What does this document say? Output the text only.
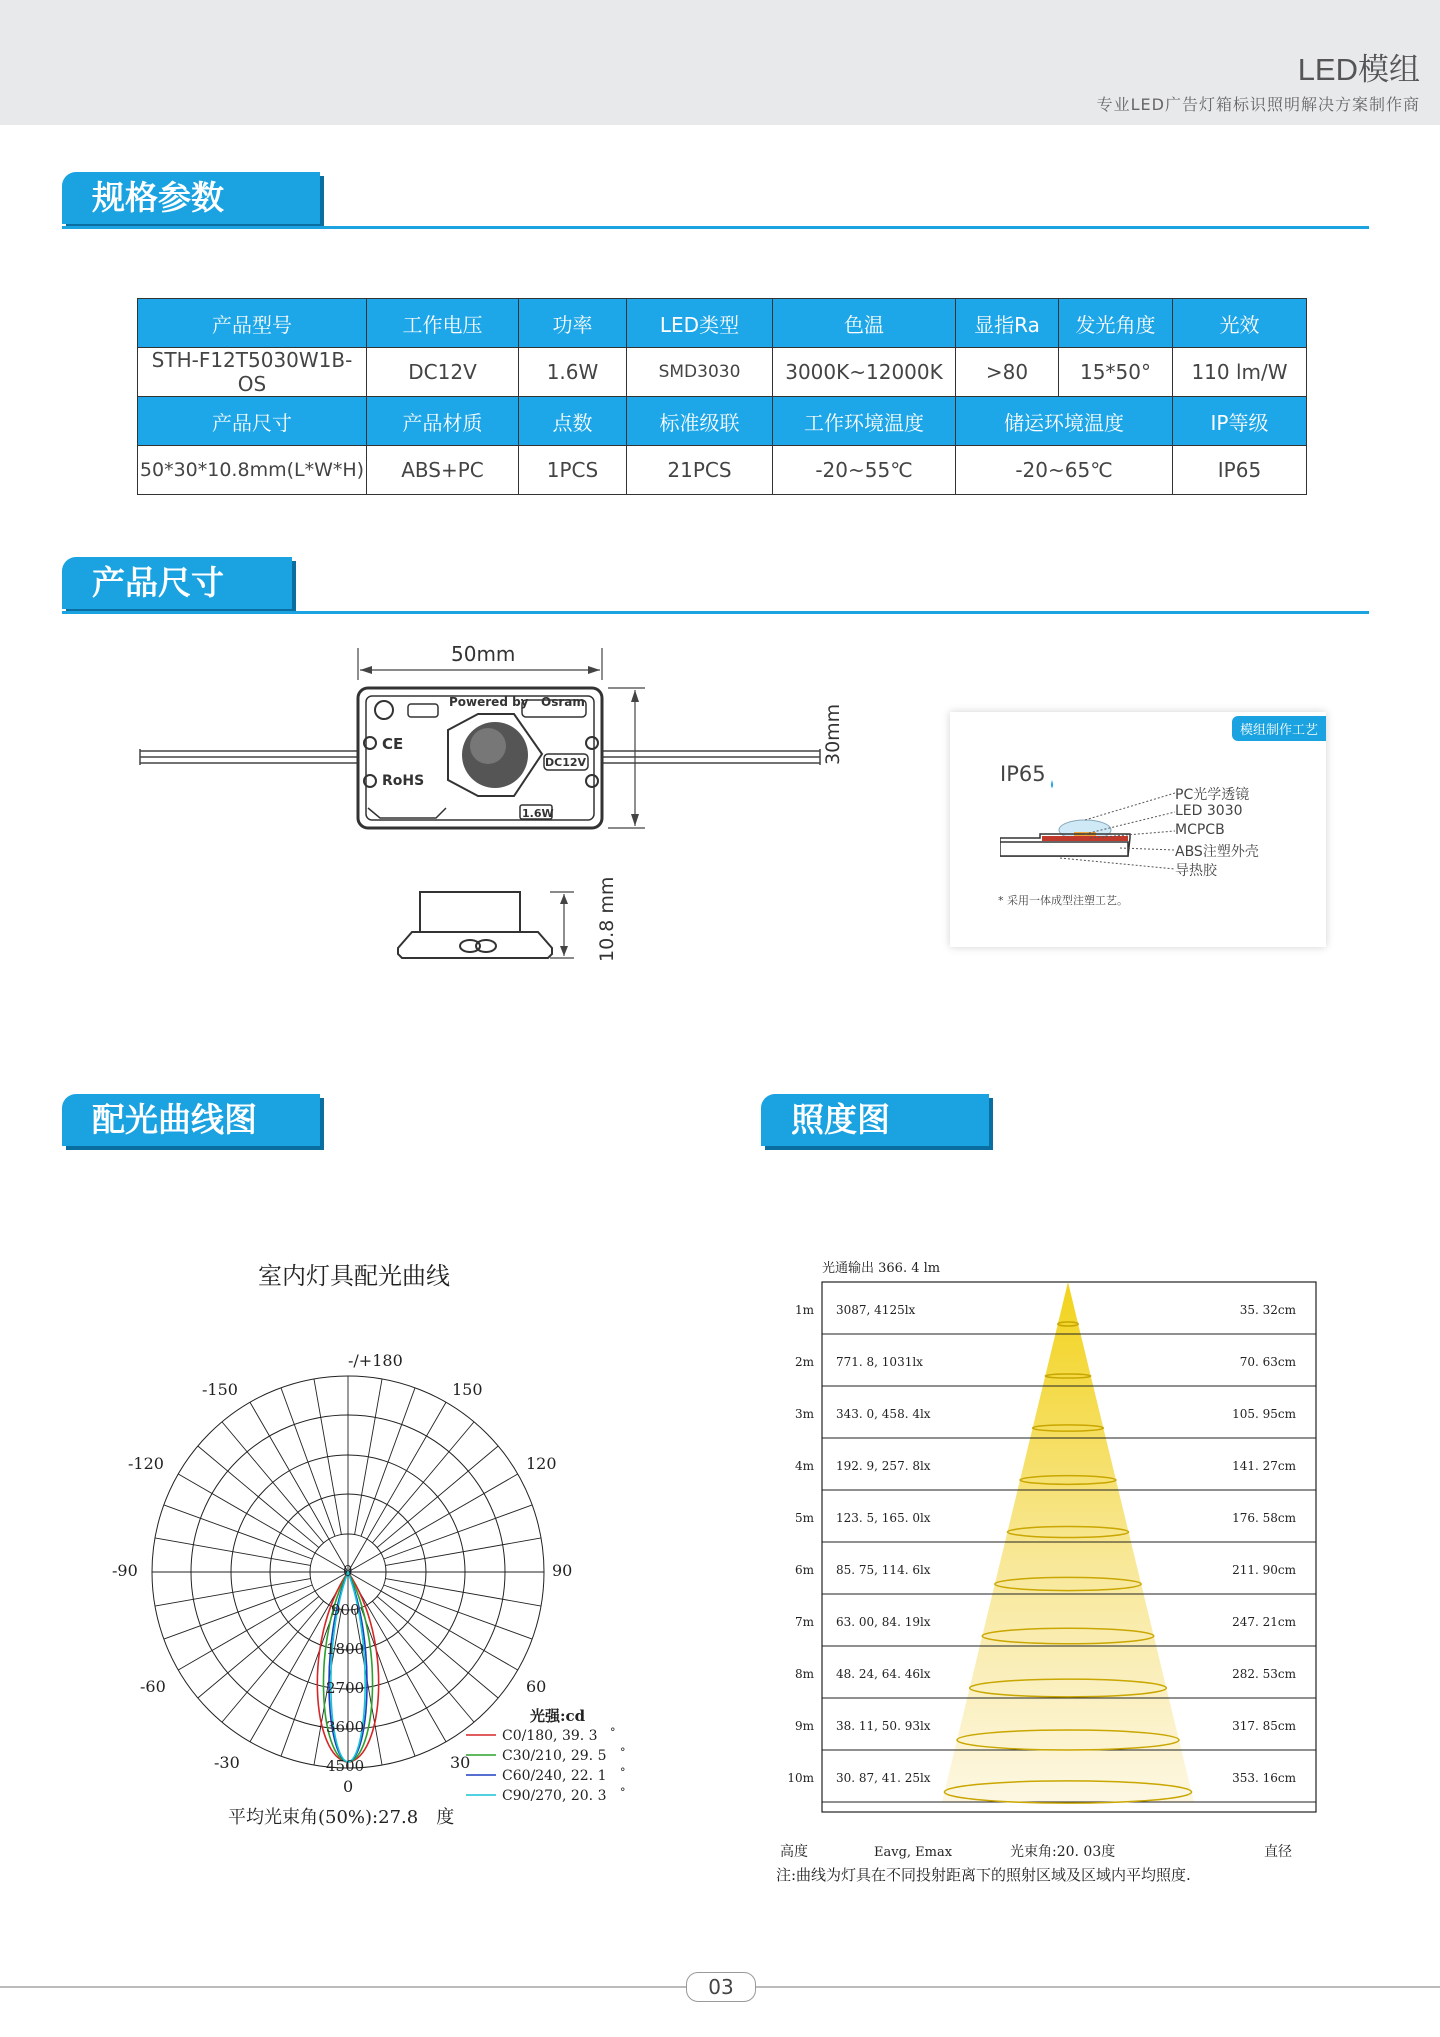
LED模组
专业LED广告灯箱标识照明解决方案制作商
规格参数
产品型号	工作电压	功率	LED类型	色温	显指Ra	发光角度	光效
STH-F12T5030W1B-OS	DC12V	1.6W	SMD3030	3000K~12000K	>80	15*50°	110 lm/W
产品尺寸	产品材质	点数	标准级联	工作环境温度	储运环境温度		IP等级
50*30*10.8mm(L*W*H)	ABS+PC	1PCS	21PCS	-20~55℃	-20~65℃		IP65
产品尺寸
50mm
30mm
10.8 mm
Powered by Osram
CE
RoHS
DC12V
1.6W
模组制作工艺
IP65
PC光学透镜
LED 3030
MCPCB
ABS注塑外壳
导热胶
* 采用一体成型注塑工艺。
配光曲线图	照度图
室内灯具配光曲线
-/+180
-150	150
-120	120
-90	90
-60	60
-30	30
0
0
900
1800
2700
3600
4500
光强:cd
C0/180, 39. 3 °
C30/210, 29. 5 °
C60/240, 22. 1 °
C90/270, 20. 3 °
平均光束角(50%):27.8　度
光通输出 366. 4 lm
1m 3087, 4125lx	35. 32cm
2m 771. 8, 1031lx	70. 63cm
3m 343. 0, 458. 4lx	105. 95cm
4m 192. 9, 257. 8lx	141. 27cm
5m 123. 5, 165. 0lx	176. 58cm
6m 85. 75, 114. 6lx	211. 90cm
7m 63. 00, 84. 19lx	247. 21cm
8m 48. 24, 64. 46lx	282. 53cm
9m 38. 11, 50. 93lx	317. 85cm
10m 30. 87, 41. 25lx	353. 16cm
高度	Eavg, Emax	光束角:20. 03度	直径
注:曲线为灯具在不同投射距离下的照射区域及区域内平均照度.
03
